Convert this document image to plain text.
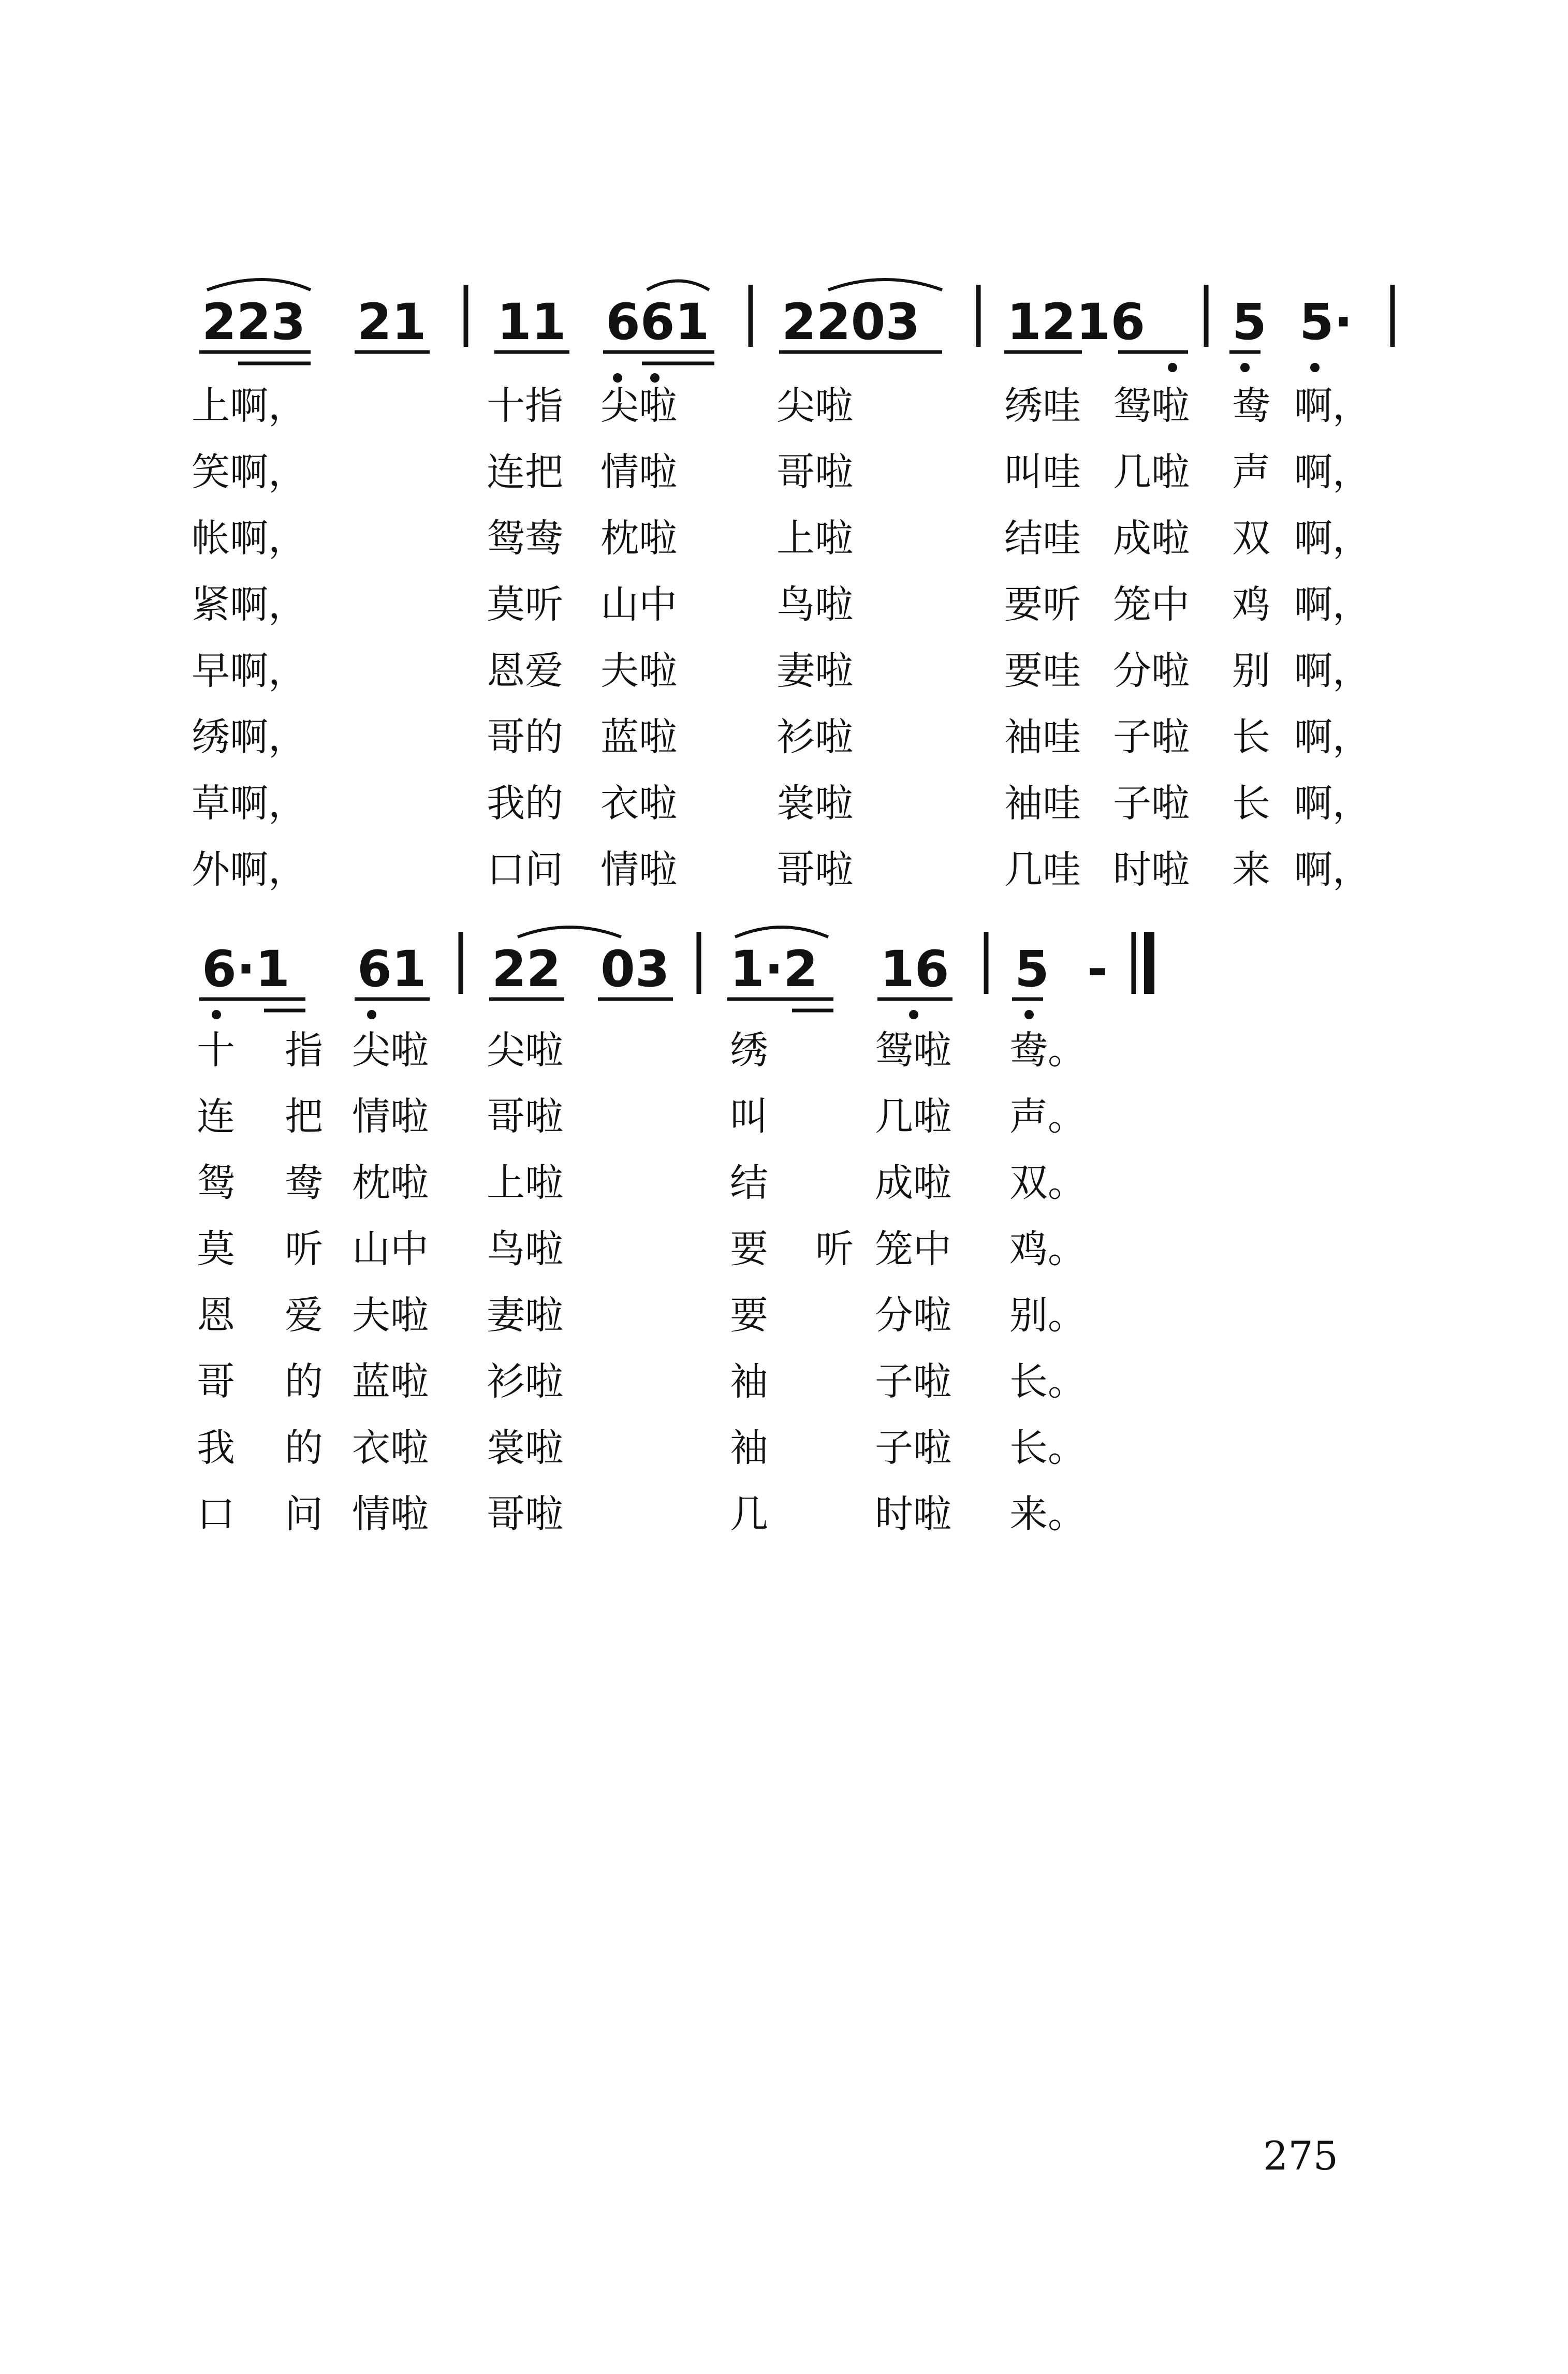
223 21 11 661 2203 1216 5 5·
上啊，	十指 尖啦	尖啦	绣哇 鸳啦 鸯 啊，
笑啊，	连把 情啦	哥啦	叫哇 几啦 声 啊，
帐啊，	鸳鸯 枕啦	上啦	结哇 成啦 双 啊，
紧啊，	莫听 山中	鸟啦	要听 笼中 鸡 啊，
早啊，	恩爱 夫啦	妻啦	要哇 分啦 别 啊，
绣啊，	哥的 蓝啦	衫啦	袖哇 子啦 长 啊，
草啊，	我的 衣啦	裳啦	袖哇 子啦 长 啊，
外啊，	口问 情啦	哥啦	几哇 时啦 来 啊，
6·1 61 22 03 1·2 16 5 -
十 指 尖啦 尖啦	绣	鸳啦 鸯。
连 把 情啦 哥啦	叫	几啦 声。
鸳 鸯 枕啦 上啦	结	成啦 双。
莫 听 山中 鸟啦	要 听 笼中 鸡。
恩 爱 夫啦 妻啦	要	分啦 别。
哥 的 蓝啦 衫啦	袖	子啦 长。
我 的 衣啦 裳啦	袖	子啦 长。
口 问 情啦 哥啦	几	时啦 来。
275
